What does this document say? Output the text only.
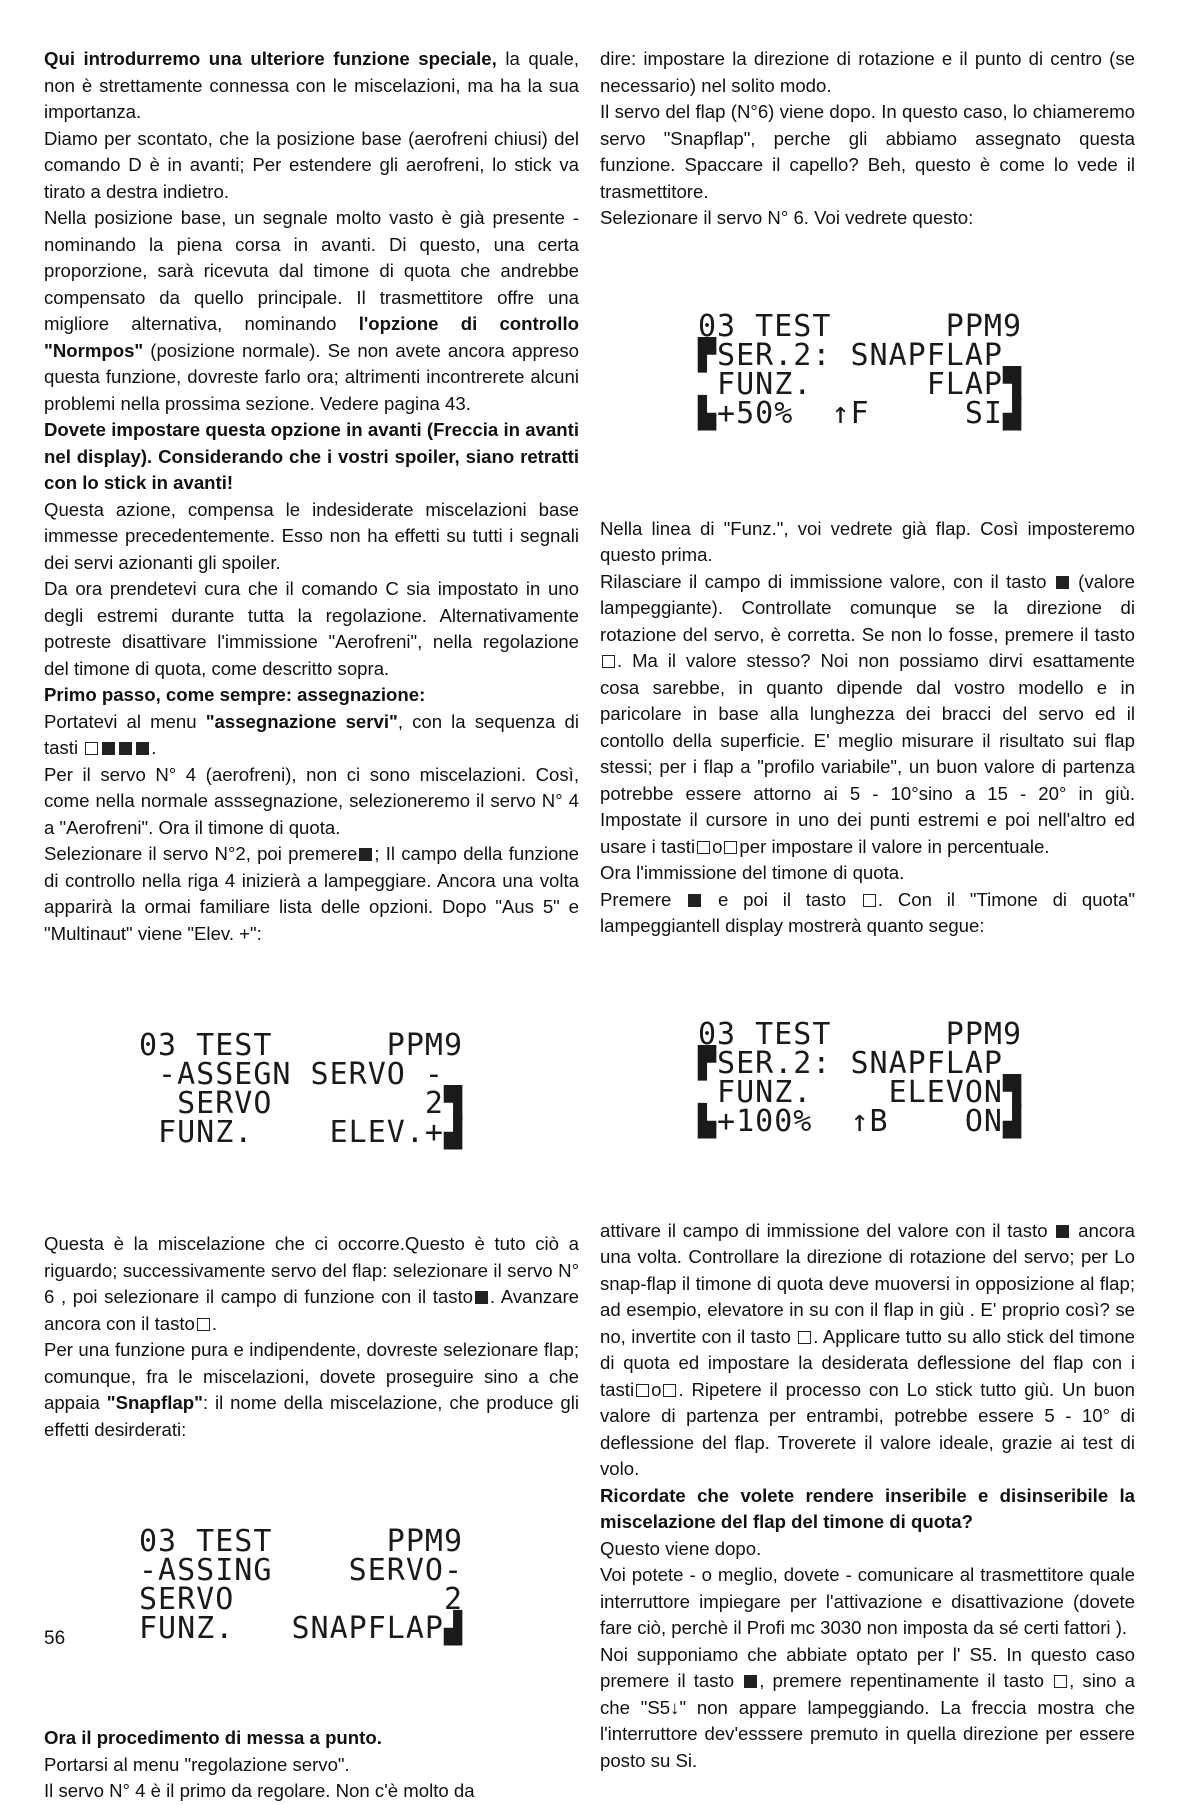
Qui introdurremo una ulteriore funzione speciale, la quale, non è strettamente connessa con le miscelazioni, ma ha la sua importanza.

Diamo per scontato, che la posizione base (aerofreni chiusi) del comando D è in avanti; Per estendere gli aerofreni, lo stick va tirato a destra indietro.

Nella posizione base, un segnale molto vasto è già presente - nominando la piena corsa in avanti. Di questo, una certa proporzione, sarà ricevuta dal timone di quota che andrebbe compensato da quello principale. Il trasmettitore offre una migliore alternativa, nominando l'opzione di controllo "Normpos" (posizione normale). Se non avete ancora appreso questa funzione, dovreste farlo ora; altrimenti incontrerete alcuni problemi nella prossima sezione. Vedere pagina 43.

Dovete impostare questa opzione in avanti (Freccia in avanti nel display). Considerando che i vostri spoiler, siano retratti con lo stick in avanti!

Questa azione, compensa le indesiderate miscelazioni base immesse precedentemente. Esso non ha effetti su tutti i segnali dei servi azionanti gli spoiler.

Da ora prendetevi cura che il comando C sia impostato in uno degli estremi durante tutta la regolazione. Alternativamente potreste disattivare l'immissione "Aerofreni", nella regolazione del timone di quota, come descritto sopra.

Primo passo, come sempre: assegnazione:

Portatevi al menu "assegnazione servi", con la sequenza di tasti	.

Per il servo N° 4 (aerofreni), non ci sono miscelazioni. Così, come nella normale asssegnazione, selezioneremo il servo N° 4 a "Aerofreni". Ora il timone di quota.

Selezionare il servo N°2, poi premere ; Il campo della funzione di controllo nella riga 4 inizierà a lampeggiare. Ancora una volta apparirà la ormai familiare lista delle opzioni. Dopo "Aus 5" e "Multinaut" viene "Elev. +":

03 TEST      PPM9
-ASSEGN SERVO -
SERVO        2▜
FUNZ.    ELEV.+▟

Questa è la miscelazione che ci occorre.Questo è tuto ciò a riguardo; successivamente servo del flap: selezionare il servo N° 6 , poi selezionare il campo di funzione con il tasto . Avanzare ancora con il tasto .

Per una funzione pura e indipendente, dovreste selezionare flap; comunque, fra le miscelazioni, dovete proseguire sino a che appaia "Snapflap": il nome della miscelazione, che produce gli effetti desirderati:

03 TEST      PPM9
-ASSING    SERVO-
SERVO           2
FUNZ.   SNAPFLAP▟

Ora il procedimento di messa a punto.

Portarsi al menu "regolazione servo".

Il servo N° 4 è il primo da regolare. Non c'è molto da

dire: impostare la direzione di rotazione e il punto di centro (se necessario) nel solito modo.

Il servo del flap (N°6) viene dopo. In questo caso, lo chiameremo servo "Snapflap", perche gli abbiamo assegnato questa funzione. Spaccare il capello? Beh, questo è come lo vede il trasmettitore.

Selezionare il servo N° 6. Voi vedrete questo:

03 TEST      PPM9
▛SER.2: SNAPFLAP
FUNZ.      FLAP▜
▙+50%  ↑F     SI▟

Nella linea di "Funz.", voi vedrete già flap. Così imposteremo questo prima.

Rilasciare il campo di immissione valore, con il tasto (valore lampeggiante). Controllate comunque se la direzione di rotazione del servo, è corretta. Se non lo fosse, premere il tasto . Ma il valore stesso? Noi non possiamo dirvi esattamente cosa sarebbe, in quanto dipende dal vostro modello e in paricolare in base alla lunghezza dei bracci del servo ed il contollo della superficie. E' meglio misurare il risultato sui flap stessi; per i flap a "profilo variabile", un buon valore di partenza potrebbe essere attorno ai 5 - 10°sino a 15 - 20° in giù. Impostate il cursore in uno dei punti estremi e poi nell'altro ed usare i tasti o per impostare il valore in percentuale.

Ora l'immissione del timone di quota.

Premere	e poi il tasto . Con il "Timone di quota" lampeggiantell display mostrerà quanto segue:

03 TEST      PPM9
▛SER.2: SNAPFLAP
FUNZ.    ELEVON▜
▙+100%  ↑B    ON▟

attivare il campo di immissione del valore con il tasto ancora una volta. Controllare la direzione di rotazione del servo; per Lo snap-flap il timone di quota deve muoversi in opposizione al flap; ad esempio, elevatore in su con il flap in giù . E' proprio così? se no, invertite con il tasto . Applicare tutto su allo stick del timone di quota ed impostare la desiderata deflessione del flap con i tasti o . Ripetere il processo con Lo stick tutto giù. Un buon valore di partenza per entrambi, potrebbe essere 5 - 10° di deflessione del flap. Troverete il valore ideale, grazie ai test di volo.

Ricordate che volete rendere inseribile e disinseribile la miscelazione del flap del timone di quota?

Questo viene dopo.

Voi potete - o meglio, dovete - comunicare al trasmettitore quale interruttore impiegare per l'attivazione e disattivazione (dovete fare ciò, perchè il Profi mc 3030 non imposta da sé certi fattori ).

Noi supponiamo che abbiate optato per l' S5. In questo caso premere il tasto , premere repentinamente il tasto , sino a che "S5↓" non appare lampeggiando. La freccia mostra che l'interruttore dev'esssere premuto in quella direzione per essere posto su Si.

56
